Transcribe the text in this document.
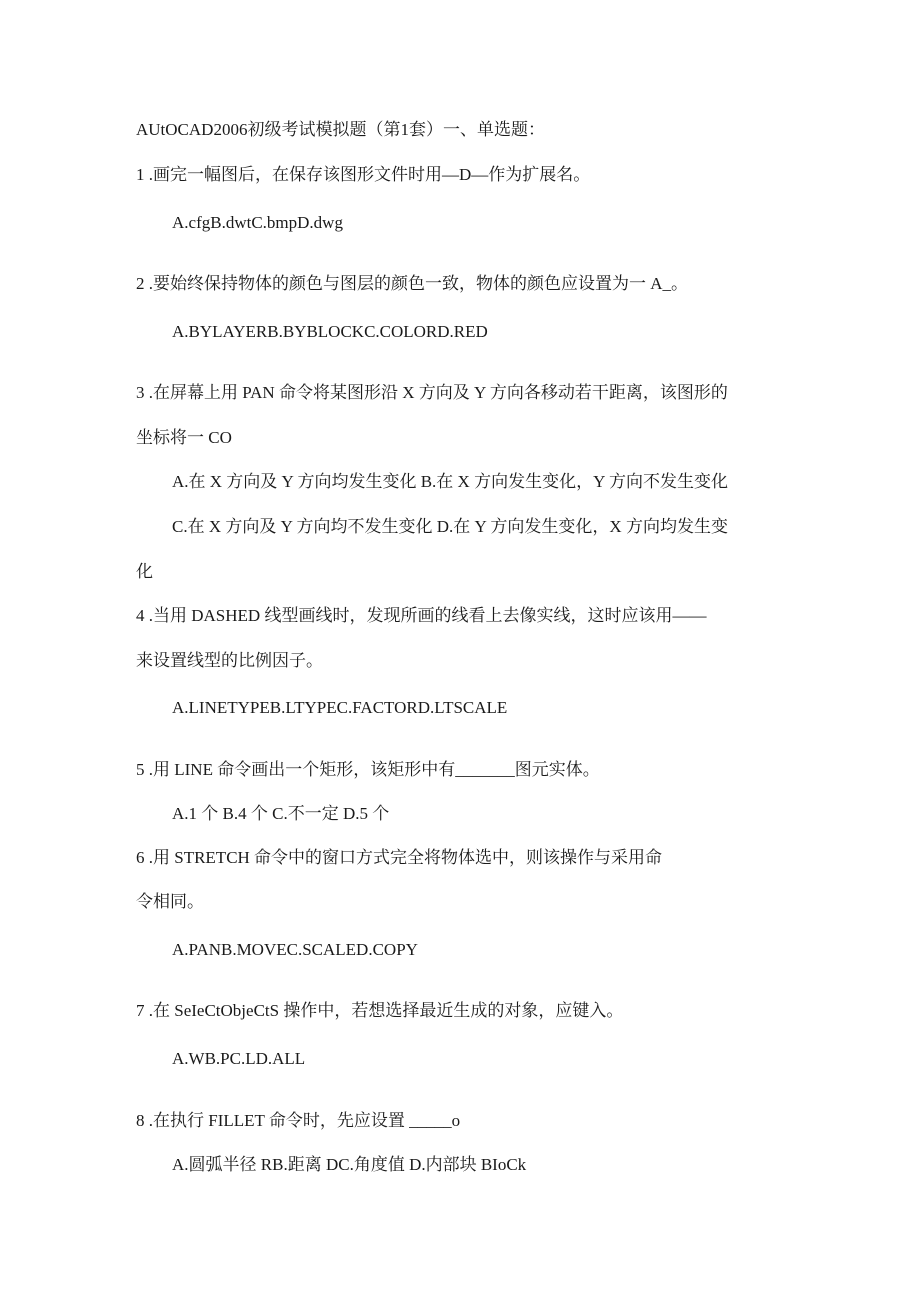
AUtOCAD2006初级考试模拟题（第1套）一、单选题：
1 .画完一幅图后，在保存该图形文件时用—D—作为扩展名。
A.cfgB.dwtC.bmpD.dwg
2 .要始终保持物体的颜色与图层的颜色一致，物体的颜色应设置为一 A_。
A.BYLAYERB.BYBLOCKC.COLORD.RED
3 .在屏幕上用 PAN 命令将某图形沿 X 方向及 Y 方向各移动若干距离，该图形的
坐标将一 CO
A.在 X 方向及 Y 方向均发生变化 B.在 X 方向发生变化，Y 方向不发生变化
C.在 X 方向及 Y 方向均不发生变化 D.在 Y 方向发生变化，X 方向均发生变
化
4 .当用 DASHED 线型画线时，发现所画的线看上去像实线，这时应该用——
来设置线型的比例因子。
A.LINETYPEB.LTYPEC.FACTORD.LTSCALE
5 .用 LINE 命令画出一个矩形，该矩形中有_______图元实体。
A.1 个 B.4 个 C.不一定 D.5 个
6 .用 STRETCH 命令中的窗口方式完全将物体选中，则该操作与采用命
令相同。
A.PANB.MOVEC.SCALED.COPY
7 .在 SeIeCtObjeCtS 操作中，若想选择最近生成的对象，应键入。
A.WB.PC.LD.ALL
8 .在执行 FILLET 命令时，先应设置 _____o
A.圆弧半径 RB.距离 DC.角度值 D.内部块 BIoCk
